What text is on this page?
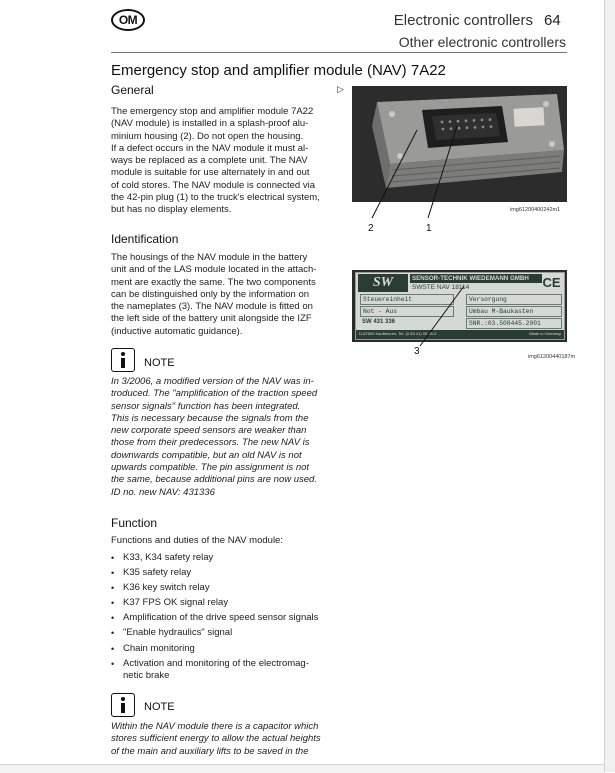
OM	Electronic controllers 64
Other electronic controllers
Emergency stop and amplifier module (NAV) 7A22
General	▷
The emergency stop and amplifier module 7A22
(NAV module) is installed in a splash-proof alu-
minium housing (2). Do not open the housing.
If a defect occurs in the NAV module it must al-
ways be replaced as a complete unit. The NAV
module is suitable for use alternately in and out
of cold stores. The NAV module is connected via
the 42-pin plug (1) to the truck's electrical system,
but has no display elements.
Identification
The housings of the NAV module in the battery
unit and of the LAS module located in the attach-
ment are exactly the same. The two components
can be distinguished only by the information on
the nameplates (3). The NAV module is fitted on
the left side of the battery unit alongside the IZF
(inductive automatic guidance).
NOTE
In 3/2006, a modified version of the NAV was in-
troduced. The "amplification of the traction speed
sensor signals" function has been integrated.
This is necessary because the signals from the
new corporate speed sensors are weaker than
those from their predecessors. The new NAV is
downwards compatible, but an old NAV is not
upwards compatible. The pin assignment is not
the same, because additional pins are now used.
ID no. new NAV: 431336
Function
Functions and duties of the NAV module:
• K33, K34 safety relay
• K35 safety relay
• K36 key switch relay
• K37 FPS OK signal relay
• Amplification of the drive speed sensor signals
• "Enable hydraulics" signal
• Chain monitoring
• Activation and monitoring of the electromag-
netic brake
NOTE
Within the NAV module there is a capacitor which
stores sufficient energy to allow the actual heights
of the main and auxiliary lifts to be saved in the
2	1
img61200400242m1
SW	SENSOR-TECHNIK WIEDEMANN GMBH	CE
SWSTE NAV 18114
Steuereinheit	Versorgung
Not - Aus	Umbau M-Baukasten
SW 431 336	SNR.:03.508445.2001
D-87600 Kaufbeuren, Tel. (0 83 41) 95 05-0	Made in Germany
3	img61200440187m
